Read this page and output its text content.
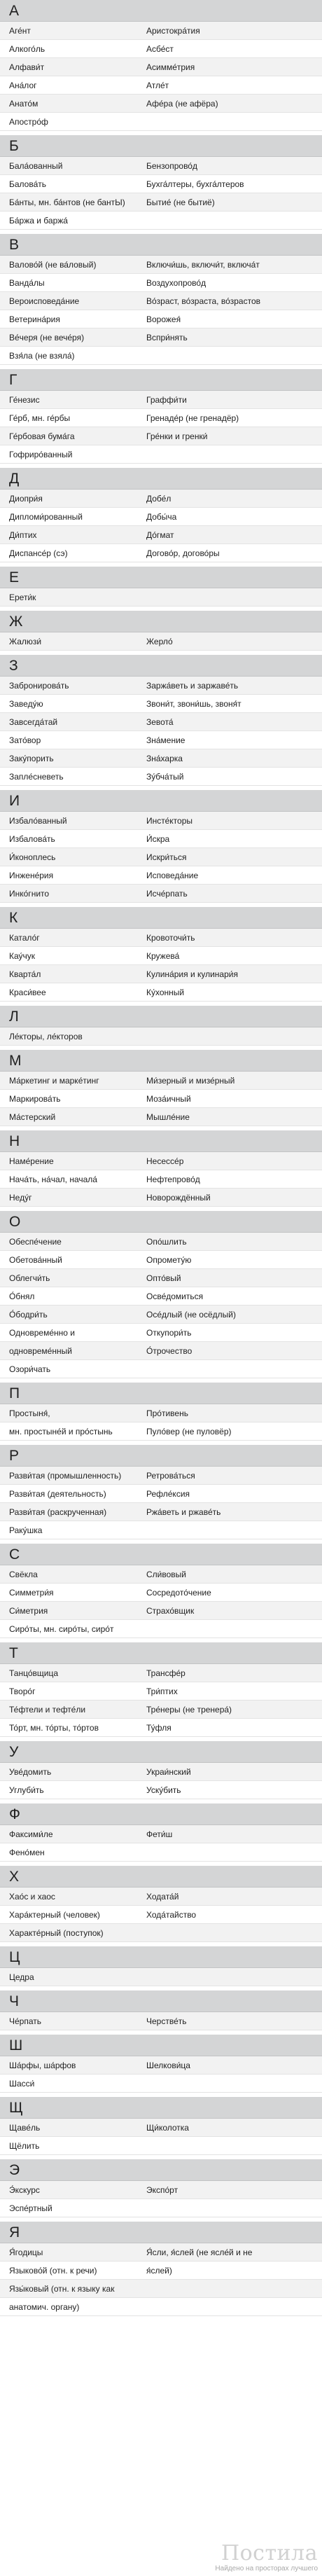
А
Аге́нт	Аристокра́тия
Алкого́ль	Асбе́ст
Алфави́т	Асимме́трия
Ана́лог	Атле́т
Анато́м	Афе́ра (не афёра)
Апостро́ф
Б
Бала́ованный	Бензопрово́д
Балова́ть	Бухга́лтеры, бухга́лтеров
Ба́нты, мн. ба́нтов (не бантЫ)	Бытие́ (не бытиё)
Ба́ржа и баржа́
В
Валово́й (не ва́ловый)	Включи́шь, включи́т, включа́т
Ванда́лы	Воздухопрово́д
Вероисповеда́ние	Во́зраст, во́зраста, во́зрастов
Ветерина́рия	Ворожея́
Ве́черя (не вече́ря)	Вспри́нять
Взя́ла (не взяла́)
Г
Ге́незис	Граффи́ти
Ге́рб, мн. ге́рбы	Гренаде́р (не гренадёр)
Ге́рбовая бума́га	Гре́нки и гренки́
Гофриро́ванный
Д
Диопри́я	Добе́л
Дипломи́рованный	Добы́ча
Ди́птих	До́гмат
Диспансе́р (сэ)	Догово́р, догово́ры
Е
Ерети́к
Ж
Жалюзи́	Жерло́
З
Забронирова́ть	Заржа́веть и заржаве́ть
Заведу́ю	Звони́т, звони́шь, звоня́т
Завсегда́тай	Зевота́
Зато́вор	Зна́мение
Заку́порить	Зна́харка
Запле́сневеть	Зу́бча́тый
И
Избало́ванный	Инсте́кторы
Избалова́ть	И́скра
И́коноплесь	Искри́ться
Инжене́рия	Исповеда́ние
Инко́гнито	Исче́рпать
К
Катало́г	Кровоточи́ть
Кау́чук	Кружева́
Кварта́л	Кулина́рия и кулинари́я
Краси́вее	Ку́хонный
Л
Ле́кторы, ле́кторов
М
Ма́ркетинг и марке́тинг	Ми́зерный и мизе́рный
Маркирова́ть	Моза́ичный
Ма́стерский	Мышле́ние
Н
Наме́рение	Несессе́р
Нача́ть, на́чал, начала́	Нефтепрово́д
Неду́г	Новорождённый
О
Обеспе́чение	Опо́шлить
Обетова́нный	Опромету́ю
Облегчи́ть	Опто́вый
О́бнял	Осве́домиться
О́бодри́ть	Осе́длый (не осёдлый)
Одновреме́нно и	Откупори́ть
одновреме́нный	О́трочество
Озори́чать
П
Простыня́,	Про́тивень
мн. простыне́й и про́стынь	Пуло́вер (не пуловёр)
Р
Разви́тая (промышленность)	Ретрова́ться
Разви́тая (деятельность)	Рефле́ксия
Разви́тая (раскрученная)	Ржа́веть и ржаве́ть
Раку́шка
С
Свёкла	Сли́вовый
Симметри́я	Сосредото́чение
Си́метрия	Страхо́вщик
Сиро́ты, мн. сиро́ты, сиро́т
Т
Танцо́вщица	Трансфе́р
Творо́г	Три́птих
Те́фтели и тефте́ли	Тре́неры (не тренера́)
То́рт, мн. то́рты, то́ртов	Ту́фля
У
Уве́домить	Украи́нский
Углуби́ть	Уску́бить
Ф
Факсими́ле	Фети́ш
Фено́мен
Х
Хао́с и хаос	Ходата́й
Хара́ктерный (человек)	Хода́тайство
Характе́рный (поступок)
Ц
Цедра
Ч
Че́рпать	Черстве́ть
Ш
Ша́рфы, ша́рфов	Шелкови́ца
Шасси́
Щ
Щаве́ль	Щи́колотка
Щёлить
Э
Э́кскурс	Экспо́рт
Эспе́ртный
Я
Я́годицы	Я́сли, я́слей (не ясле́й и не
Языково́й (отн. к речи)	я́слей)
Язы́ковый (отн. к языку как
анатомич. органу)
Постила
Найдено на просторах лучшего
